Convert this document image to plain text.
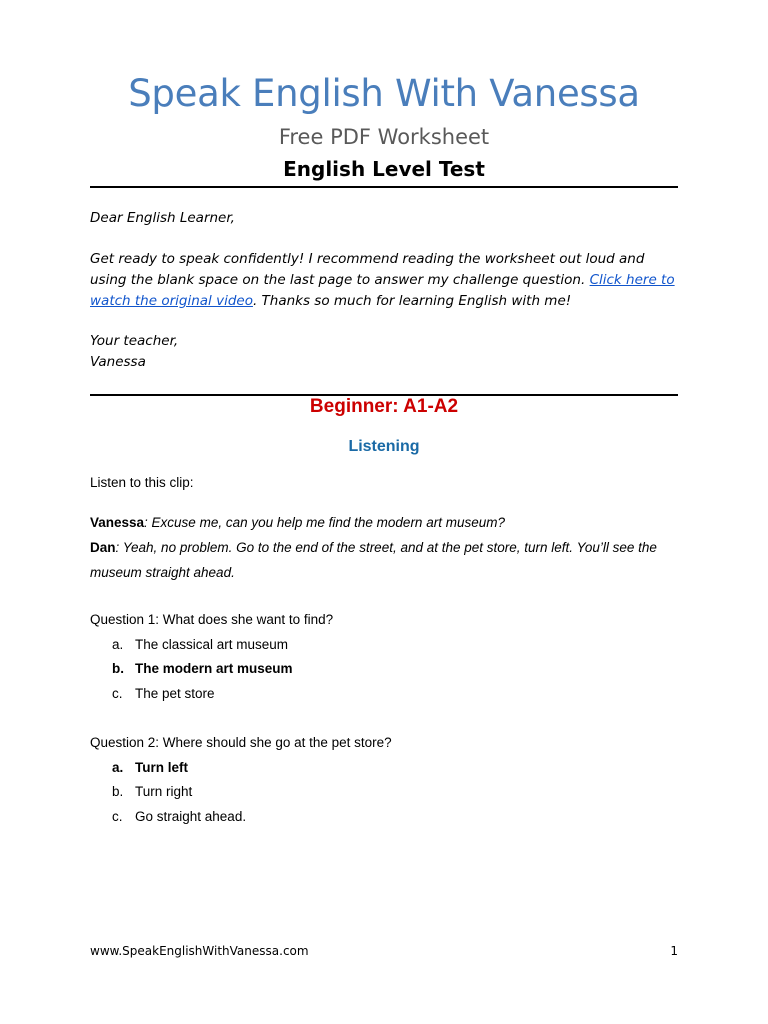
Speak English With Vanessa
Free PDF Worksheet
English Level Test
Dear English Learner,
Get ready to speak confidently! I recommend reading the worksheet out loud and using the blank space on the last page to answer my challenge question. Click here to watch the original video. Thanks so much for learning English with me!
Your teacher,
Vanessa
Beginner: A1-A2
Listening
Listen to this clip:
Vanessa: Excuse me, can you help me find the modern art museum?
Dan: Yeah, no problem. Go to the end of the street, and at the pet store, turn left. You’ll see the museum straight ahead.
Question 1: What does she want to find?
a. The classical art museum
b. The modern art museum
c. The pet store
Question 2: Where should she go at the pet store?
a. Turn left
b. Turn right
c. Go straight ahead.
www.SpeakEnglishWithVanessa.com	1
